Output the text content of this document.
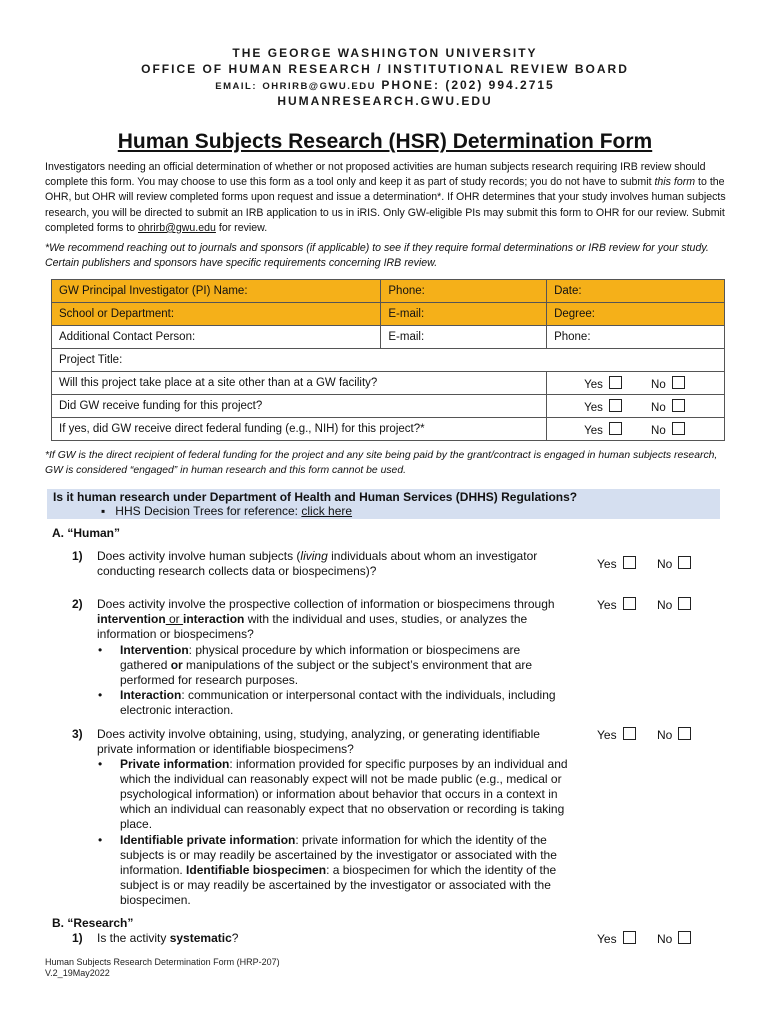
THE GEORGE WASHINGTON UNIVERSITY
OFFICE OF HUMAN RESEARCH / INSTITUTIONAL REVIEW BOARD
EMAIL: OHRIRB@GWU.EDU PHONE: (202) 994.2715
HUMANRESEARCH.GWU.EDU
Human Subjects Research (HSR) Determination Form
Investigators needing an official determination of whether or not proposed activities are human subjects research requiring IRB review should complete this form. You may choose to use this form as a tool only and keep it as part of study records; you do not have to submit this form to the OHR, but OHR will review completed forms upon request and issue a determination*. If OHR determines that your study involves human subjects research, you will be directed to submit an IRB application to us in iRIS. Only GW-eligible PIs may submit this form to OHR for our review. Submit completed forms to ohrirb@gwu.edu for review.
*We recommend reaching out to journals and sponsors (if applicable) to see if they require formal determinations or IRB review for your study. Certain publishers and sponsors have specific requirements concerning IRB review.
GW Principal Investigator (PI) Name:	Phone:	Date:
School or Department:	E-mail:	Degree:
Additional Contact Person:	E-mail:	Phone:
Project Title:		
Will this project take place at a site other than at a GW facility?		Yes No
Did GW receive funding for this project?		Yes No
If yes, did GW receive direct federal funding (e.g., NIH) for this project?*		Yes No
*If GW is the direct recipient of federal funding for the project and any site being paid by the grant/contract is engaged in human subjects research, GW is considered “engaged” in human research and this form cannot be used.
Is it human research under Department of Health and Human Services (DHHS) Regulations?
▪ HHS Decision Trees for reference: click here
A. “Human”
1) Does activity involve human subjects (living individuals about whom an investigator conducting research collects data or biospecimens)?	Yes	No
2) Does activity involve the prospective collection of information or biospecimens through intervention or interaction with the individual and uses, studies, or analyzes the information or biospecimens?
Yes	No
• Intervention: physical procedure by which information or biospecimens are gathered or manipulations of the subject or the subject’s environment that are performed for research purposes.
• Interaction: communication or interpersonal contact with the individuals, including electronic interaction.
3) Does activity involve obtaining, using, studying, analyzing, or generating identifiable private information or identifiable biospecimens?
Yes	No
• Private information: information provided for specific purposes by an individual and which the individual can reasonably expect will not be made public (e.g., medical or psychological information) or information about behavior that occurs in a context in which an individual can reasonably expect that no observation or recording is taking place.
• Identifiable private information: private information for which the identity of the subjects is or may readily be ascertained by the investigator or associated with the information. Identifiable biospecimen: a biospecimen for which the identity of the subject is or may readily be ascertained by the investigator or associated with the biospecimen.
B. “Research”
1) Is the activity systematic?	Yes	No
Human Subjects Research Determination Form (HRP-207)
V.2_19May2022
